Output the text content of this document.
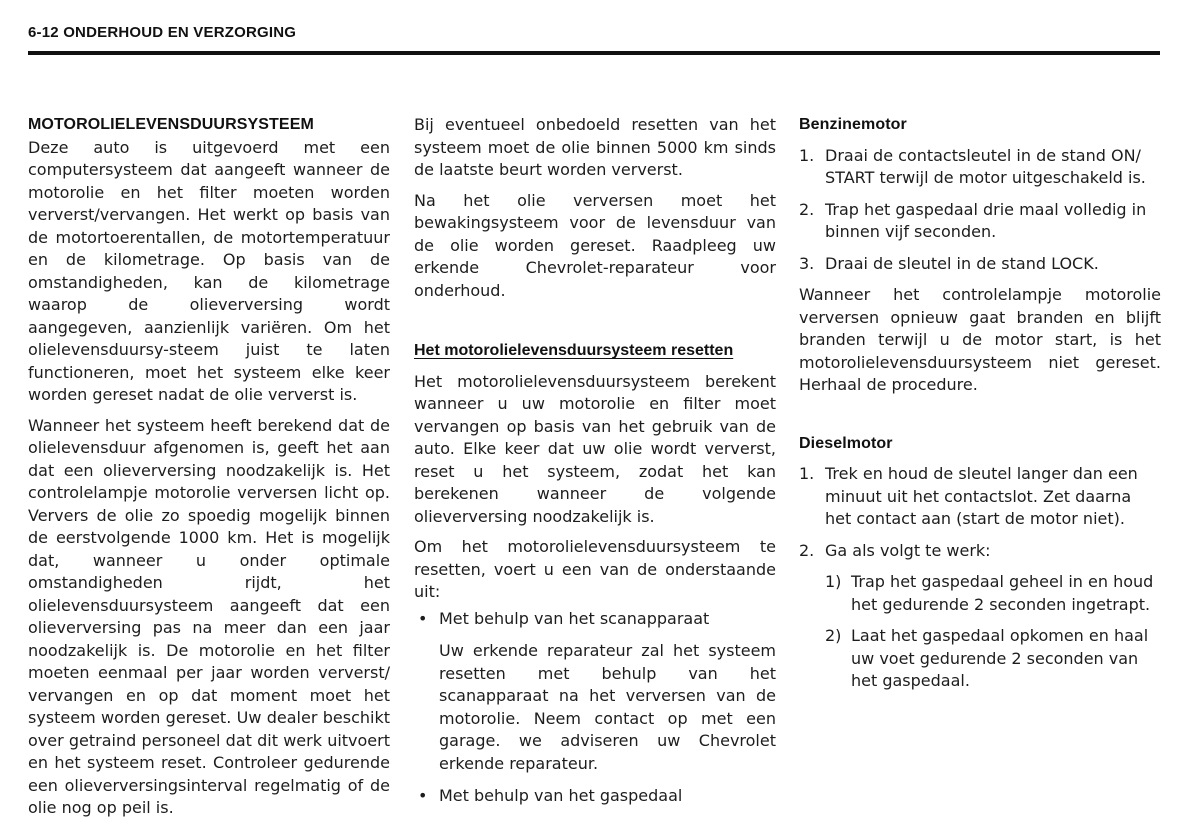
6-12 ONDERHOUD EN VERZORGING
MOTOROLIELEVENSDUURSYSTEEM

Deze auto is uitgevoerd met een computersysteem dat aangeeft wanneer de motorolie en het filter moeten worden ververst/vervangen. Het werkt op basis van de motortoerentallen, de motortemperatuur en de kilometrage. Op basis van de omstandigheden, kan de kilometrage waarop de olieverversing wordt aangegeven, aanzienlijk variëren. Om het olielevensduursy-steem juist te laten functioneren, moet het systeem elke keer worden gereset nadat de olie ververst is.

Wanneer het systeem heeft berekend dat de olielevensduur afgenomen is, geeft het aan dat een olieverversing noodzakelijk is. Het controlelampje motorolie verversen licht op. Ververs de olie zo spoedig mogelijk binnen de eerstvolgende 1000 km. Het is mogelijk dat, wanneer u onder optimale omstandigheden rijdt, het olielevensduursysteem aangeeft dat een olieverversing pas na meer dan een jaar noodzakelijk is. De motorolie en het filter moeten eenmaal per jaar worden ververst/ vervangen en op dat moment moet het systeem worden gereset. Uw dealer beschikt over getraind personeel dat dit werk uitvoert en het systeem reset. Controleer gedurende een olieverversingsinterval regelmatig of de olie nog op peil is.

Bij eventueel onbedoeld resetten van het systeem moet de olie binnen 5000 km sinds de laatste beurt worden ververst.

Na het olie verversen moet het bewakingsysteem voor de levensduur van de olie worden gereset. Raadpleeg uw erkende Chevrolet-reparateur voor onderhoud.

Het motorolielevensduursysteem resetten

Het motorolielevensduursysteem berekent wanneer u uw motorolie en filter moet vervangen op basis van het gebruik van de auto. Elke keer dat uw olie wordt ververst, reset u het systeem, zodat het kan berekenen wanneer de volgende olieverversing noodzakelijk is.

Om het motorolielevensduursysteem te resetten, voert u een van de onderstaande uit:

• Met behulp van het scanapparaat

Uw erkende reparateur zal het systeem resetten met behulp van het scanapparaat na het verversen van de motorolie. Neem contact op met een garage. we adviseren uw Chevrolet erkende reparateur.

• Met behulp van het gaspedaal
Benzinemotor
1. Draai de contactsleutel in de stand ON/ START terwijl de motor uitgeschakeld is.
2. Trap het gaspedaal drie maal volledig in binnen vijf seconden.
3. Draai de sleutel in de stand LOCK.

Wanneer het controlelampje motorolie verversen opnieuw gaat branden en blijft branden terwijl u de motor start, is het motorolielevensduursysteem niet gereset. Herhaal de procedure.

Dieselmotor
1. Trek en houd de sleutel langer dan een minuut uit het contactslot. Zet daarna het contact aan (start de motor niet).
2. Ga als volgt te werk:
1) Trap het gaspedaal geheel in en houd het gedurende 2 seconden ingetrapt.
2) Laat het gaspedaal opkomen en haal uw voet gedurende 2 seconden van het gaspedaal.
